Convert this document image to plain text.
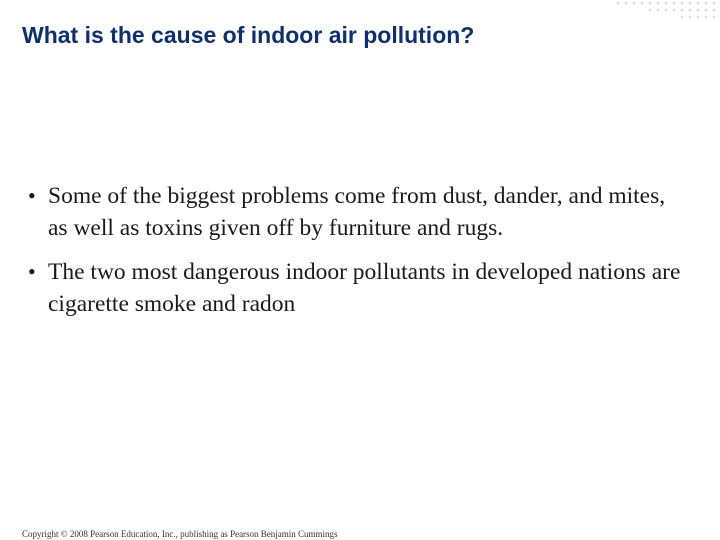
What is the cause of indoor air pollution?
• Some of the biggest problems come from dust, dander, and mites, as well as toxins given off by furniture and rugs.
• The two most dangerous indoor pollutants in developed nations are cigarette smoke and radon
Copyright © 2008 Pearson Education, Inc., publishing as Pearson Benjamin Cummings
